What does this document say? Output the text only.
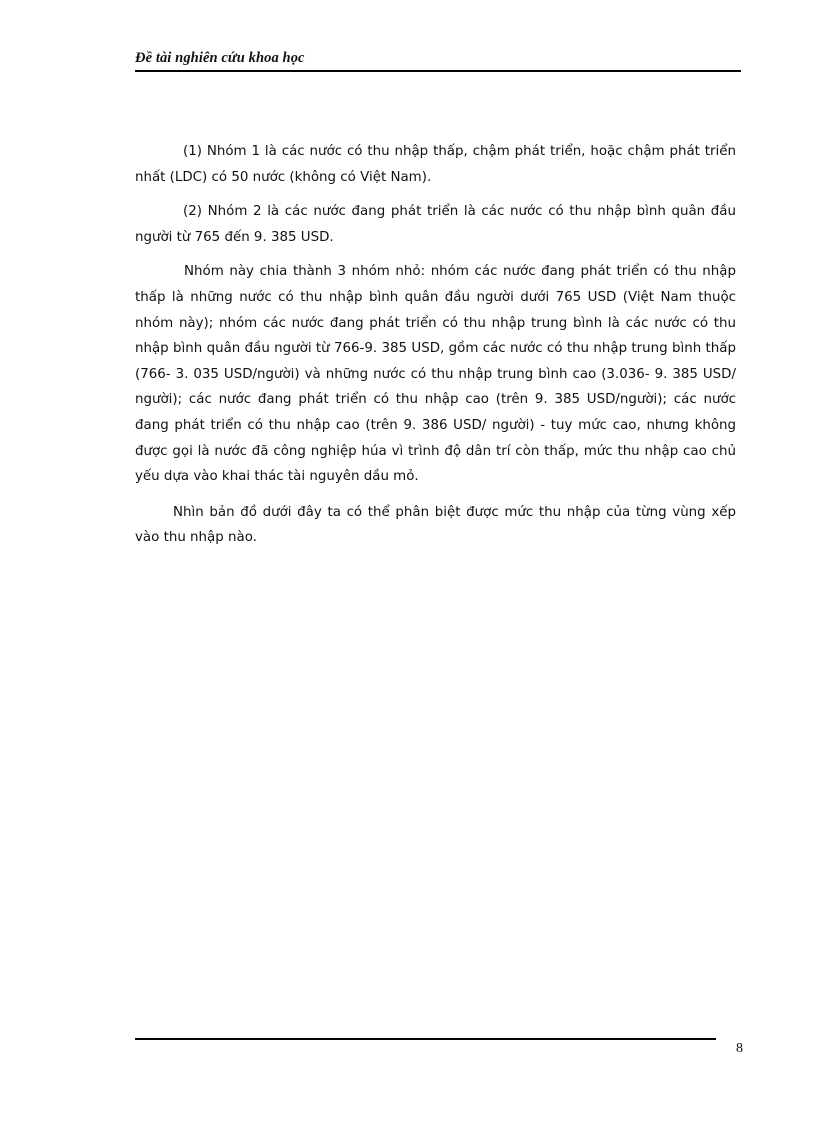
Đề tài nghiên cứu khoa học

(1) Nhóm 1 là các nước có thu nhập thấp, chậm phát triển, hoặc chậm phát triển nhất (LDC) có 50 nước (không có Việt Nam).

(2) Nhóm 2 là các nước đang phát triển là các nước có thu nhập bình quân đầu người từ 765 đến 9. 385 USD.

Nhóm này chia thành 3 nhóm nhỏ: nhóm các nước đang phát triển có thu nhập thấp là những nước có thu nhập bình quân đầu người dưới 765 USD (Việt Nam thuộc nhóm này); nhóm các nước đang phát triển có thu nhập trung bình là các nước có thu nhập bình quân đầu người từ 766-9. 385 USD, gồm các nước có thu nhập trung bình thấp (766- 3. 035 USD/người) và những nước có thu nhập trung bình cao (3.036- 9. 385 USD/ người); các nước đang phát triển có thu nhập cao (trên 9. 385 USD/người); các nước đang phát triển có thu nhập cao (trên 9. 386 USD/ người) - tuy mức cao, nhưng không được gọi là nước đã công nghiệp húa vì trình độ dân trí còn thấp, mức thu nhập cao chủ yếu dựa vào khai thác tài nguyên dầu mỏ.

Nhìn bản đồ dưới đây ta có thể phân biệt được mức thu nhập của từng vùng xếp vào thu nhập nào.

8
